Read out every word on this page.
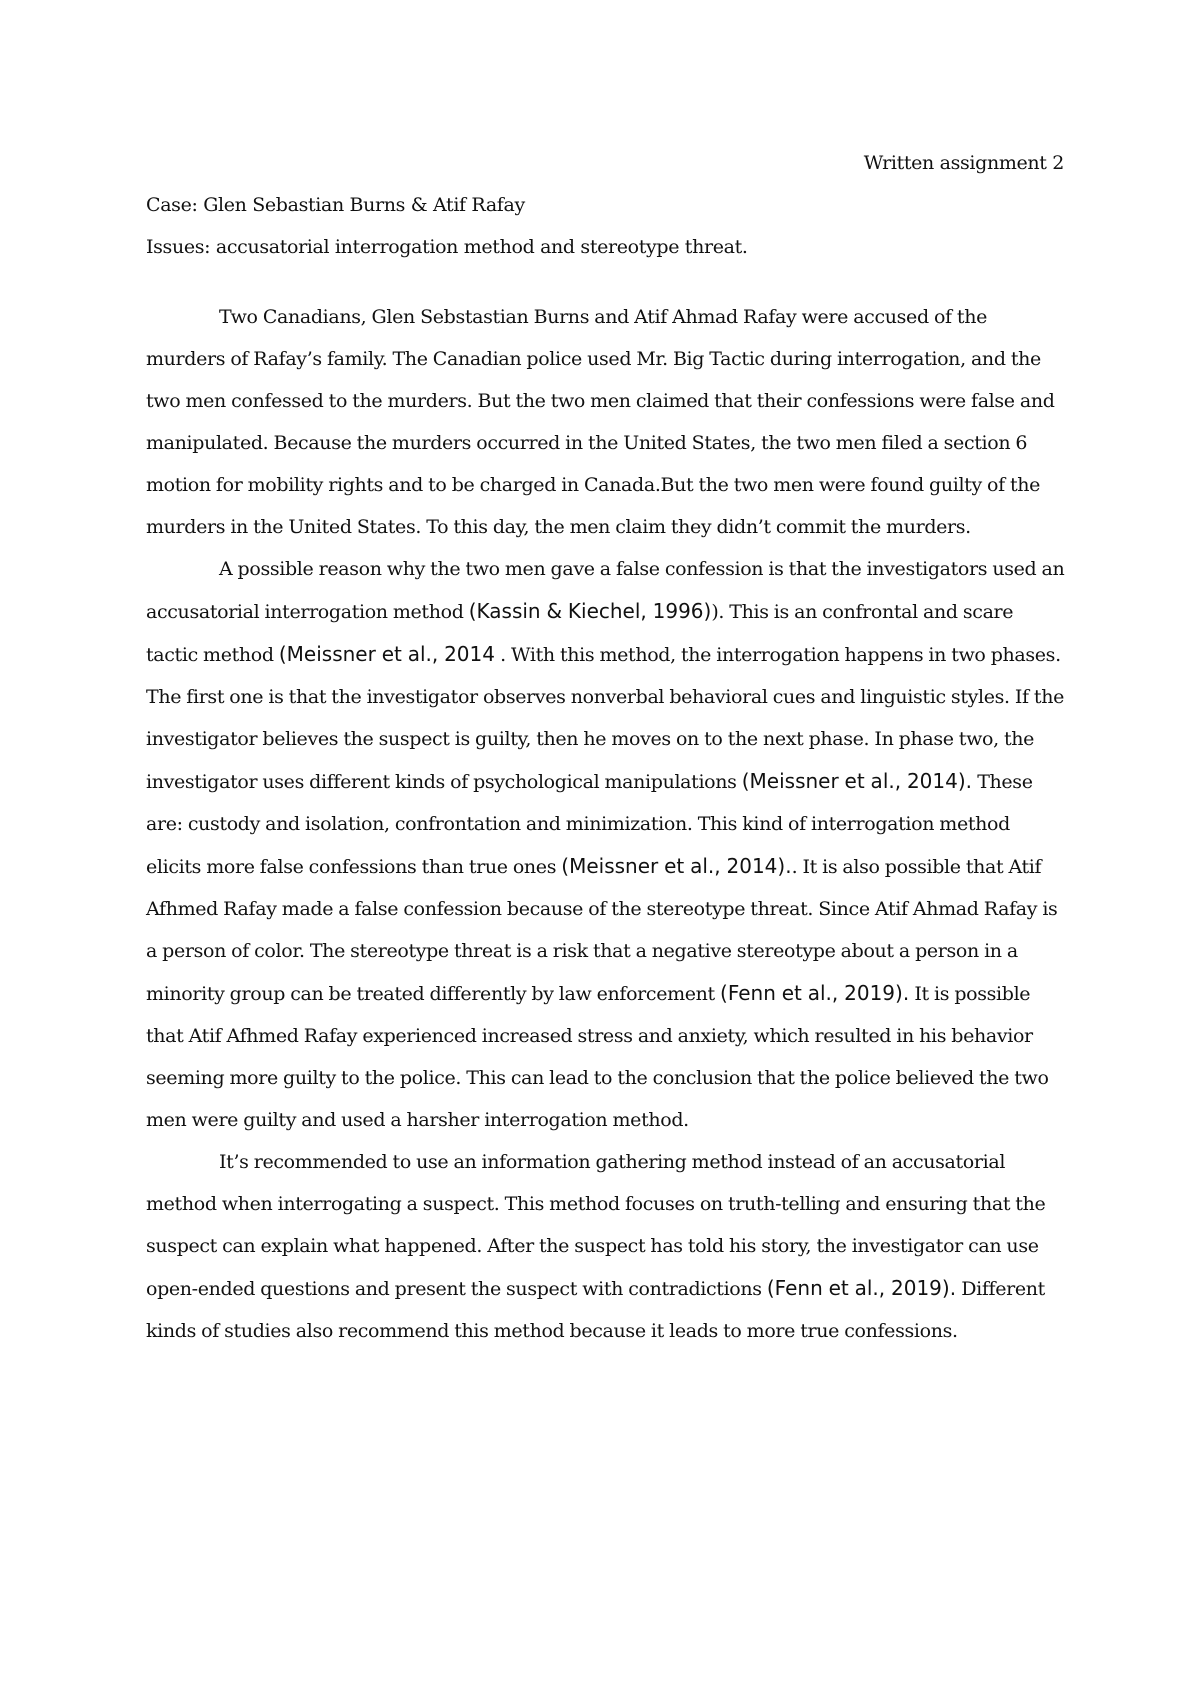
Written assignment 2

Case: Glen Sebastian Burns & Atif Rafay

Issues: accusatorial interrogation method and stereotype threat.

Two Canadians, Glen Sebstastian Burns and Atif Ahmad Rafay were accused of the murders of Rafay’s family. The Canadian police used Mr. Big Tactic during interrogation, and the two men confessed to the murders. But the two men claimed that their confessions were false and manipulated. Because the murders occurred in the United States, the two men filed a section 6 motion for mobility rights and to be charged in Canada.But the two men were found guilty of the murders in the United States. To this day, the men claim they didn’t commit the murders.

A possible reason why the two men gave a false confession is that the investigators used an accusatorial interrogation method (Kassin & Kiechel, 1996)). This is an confrontal and scare tactic method (Meissner et al., 2014 . With this method, the interrogation happens in two phases. The first one is that the investigator observes nonverbal behavioral cues and linguistic styles. If the investigator believes the suspect is guilty, then he moves on to the next phase. In phase two, the investigator uses different kinds of psychological manipulations (Meissner et al., 2014). These are: custody and isolation, confrontation and minimization. This kind of interrogation method elicits more false confessions than true ones (Meissner et al., 2014).. It is also possible that Atif Afhmed Rafay made a false confession because of the stereotype threat. Since Atif Ahmad Rafay is a person of color. The stereotype threat is a risk that a negative stereotype about a person in a minority group can be treated differently by law enforcement (Fenn et al., 2019). It is possible that Atif Afhmed Rafay experienced increased stress and anxiety, which resulted in his behavior seeming more guilty to the police. This can lead to the conclusion that the police believed the two men were guilty and used a harsher interrogation method.

It’s recommended to use an information gathering method instead of an accusatorial method when interrogating a suspect. This method focuses on truth-telling and ensuring that the suspect can explain what happened. After the suspect has told his story, the investigator can use open-ended questions and present the suspect with contradictions (Fenn et al., 2019). Different kinds of studies also recommend this method because it leads to more true confessions.
